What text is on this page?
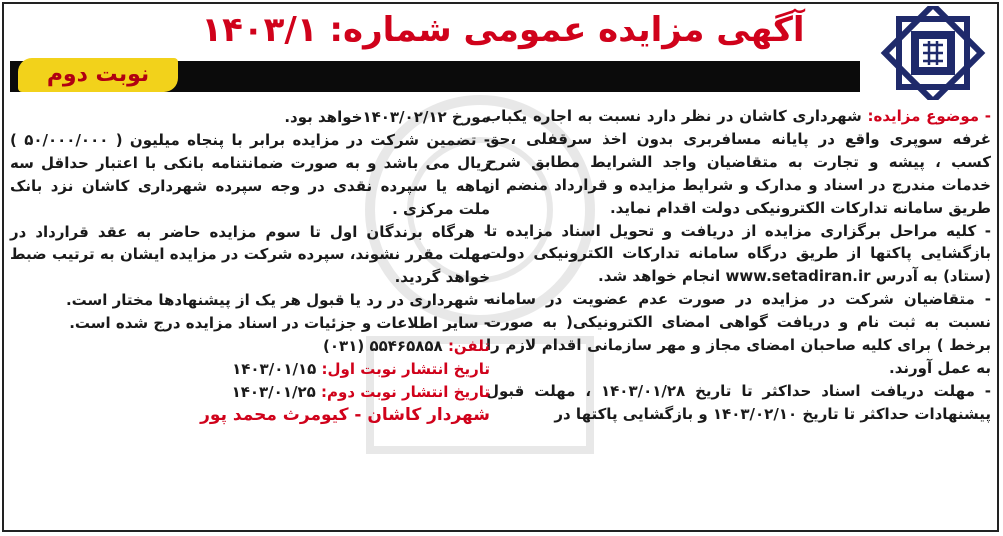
آگهی مزایده عمومی شماره: ۱۴۰۳/۱
نوبت دوم

- موضوع مزایده: شهرداری کاشان در نظر دارد نسبت به اجاره یکباب غرفه سوپری واقع در پایانه مسافربری بدون اخذ سرقفلی ،حق کسب ، پیشه و تجارت به متقاضیان واجد الشرایط مطابق شرح خدمات مندرج در اسناد و مدارک و شرایط مزایده و قرارداد منضم از طریق سامانه تدارکات الکترونیکی دولت اقدام نماید.

- کلیه مراحل برگزاری مزایده از دریافت و تحویل اسناد مزایده تا بازگشایی پاکتها از طریق درگاه سامانه تدارکات الکترونیکی دولت (ستاد) به آدرس www.setadiran.ir انجام خواهد شد.

- متقاضیان شرکت در مزایده در صورت عدم عضویت در سامانه نسبت به ثبت نام و دریافت گواهی امضای الکترونیکی( به صورت برخط ) برای کلیه صاحبان امضای مجاز و مهر سازمانی اقدام لازم را به عمل آورند.

- مهلت دریافت اسناد حداکثر تا تاریخ ۱۴۰۳/۰۱/۲۸ ، مهلت قبول پیشنهادات حداکثر تا تاریخ ۱۴۰۳/۰۲/۱۰ و بازگشایی پاکتها در

مورخ ۱۴۰۳/۰۲/۱۲خواهد بود.

- تضمین شرکت در مزایده برابر با پنجاه میلیون ( ۵۰/۰۰۰/۰۰۰ ) ریال می باشد و به صورت ضمانتنامه بانکی با اعتبار حداقل سه ماهه یا سپرده نقدی در وجه سپرده شهرداری کاشان نزد بانک ملت مرکزی .

- هرگاه برندگان اول تا سوم مزایده حاضر به عقد قرارداد در مهلت مقرر نشوند، سپرده شرکت در مزایده ایشان به ترتیب ضبط خواهد گردید.

- شهرداری در رد یا قبول هر یک از پیشنهادها مختار است.

- سایر اطلاعات و جزئیات در اسناد مزایده درج شده است.

تلفن: ۵۵۴۶۵۸۵۸ (۰۳۱)

تاریخ انتشار نوبت اول: ۱۴۰۳/۰۱/۱۵

تاریخ انتشار نوبت دوم: ۱۴۰۳/۰۱/۲۵

شهردار کاشان - کیومرث محمد پور
